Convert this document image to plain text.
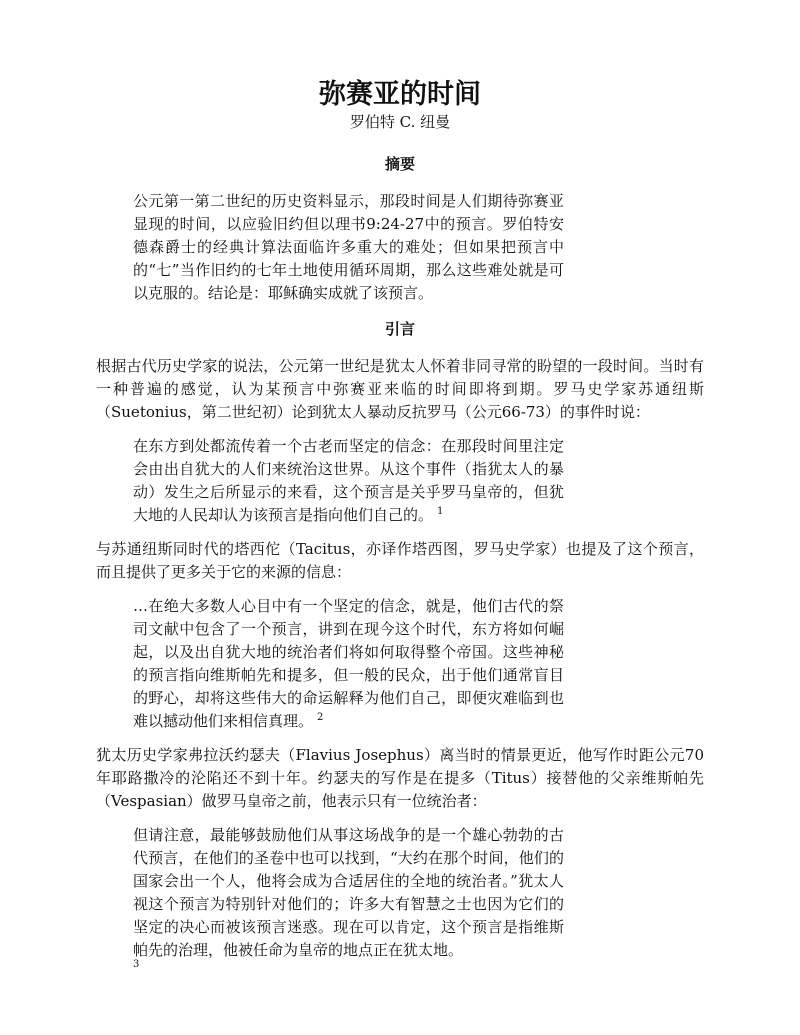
弥赛亚的时间
罗伯特 C. 纽曼
摘要

公元第一第二世纪的历史资料显示，那段时间是人们期待弥赛亚显现的时间，以应验旧约但以理书9:24-27中的预言。罗伯特安德森爵士的经典计算法面临许多重大的难处；但如果把预言中的“七”当作旧约的七年土地使用循环周期，那么这些难处就是可以克服的。结论是：耶稣确实成就了该预言。

引言

根据古代历史学家的说法，公元第一世纪是犹太人怀着非同寻常的盼望的一段时间。当时有一种普遍的感觉，认为某预言中弥赛亚来临的时间即将到期。罗马史学家苏通纽斯（Suetonius，第二世纪初）论到犹太人暴动反抗罗马（公元66-73）的事件时说：

在东方到处都流传着一个古老而坚定的信念：在那段时间里注定会由出自犹大的人们来统治这世界。从这个事件（指犹太人的暴动）发生之后所显示的来看，这个预言是关乎罗马皇帝的，但犹大地的人民却认为该预言是指向他们自己的。 $^1$

与苏通纽斯同时代的塔西佗（Tacitus，亦译作塔西图，罗马史学家）也提及了这个预言，而且提供了更多关于它的来源的信息：

…在绝大多数人心目中有一个坚定的信念，就是，他们古代的祭司文献中包含了一个预言，讲到在现今这个时代，东方将如何崛起，以及出自犹大地的统治者们将如何取得整个帝国。这些神秘的预言指向维斯帕先和提多，但一般的民众，出于他们通常盲目的野心，却将这些伟大的命运解释为他们自己，即便灾难临到也难以撼动他们来相信真理。 $^2$

犹太历史学家弗拉沃约瑟夫（Flavius Josephus）离当时的情景更近，他写作时距公元70年耶路撒冷的沦陷还不到十年。约瑟夫的写作是在提多（Titus）接替他的父亲维斯帕先（Vespasian）做罗马皇帝之前，他表示只有一位统治者：

但请注意，最能够鼓励他们从事这场战争的是一个雄心勃勃的古代预言，在他们的圣卷中也可以找到，“大约在那个时间，他们的国家会出一个人，他将会成为合适居住的全地的统治者。”犹太人视这个预言为特别针对他们的；许多大有智慧之士也因为它们的坚定的决心而被该预言迷惑。现在可以肯定，这个预言是指维斯帕先的治理，他被任命为皇帝的地点正在犹太地。

3
